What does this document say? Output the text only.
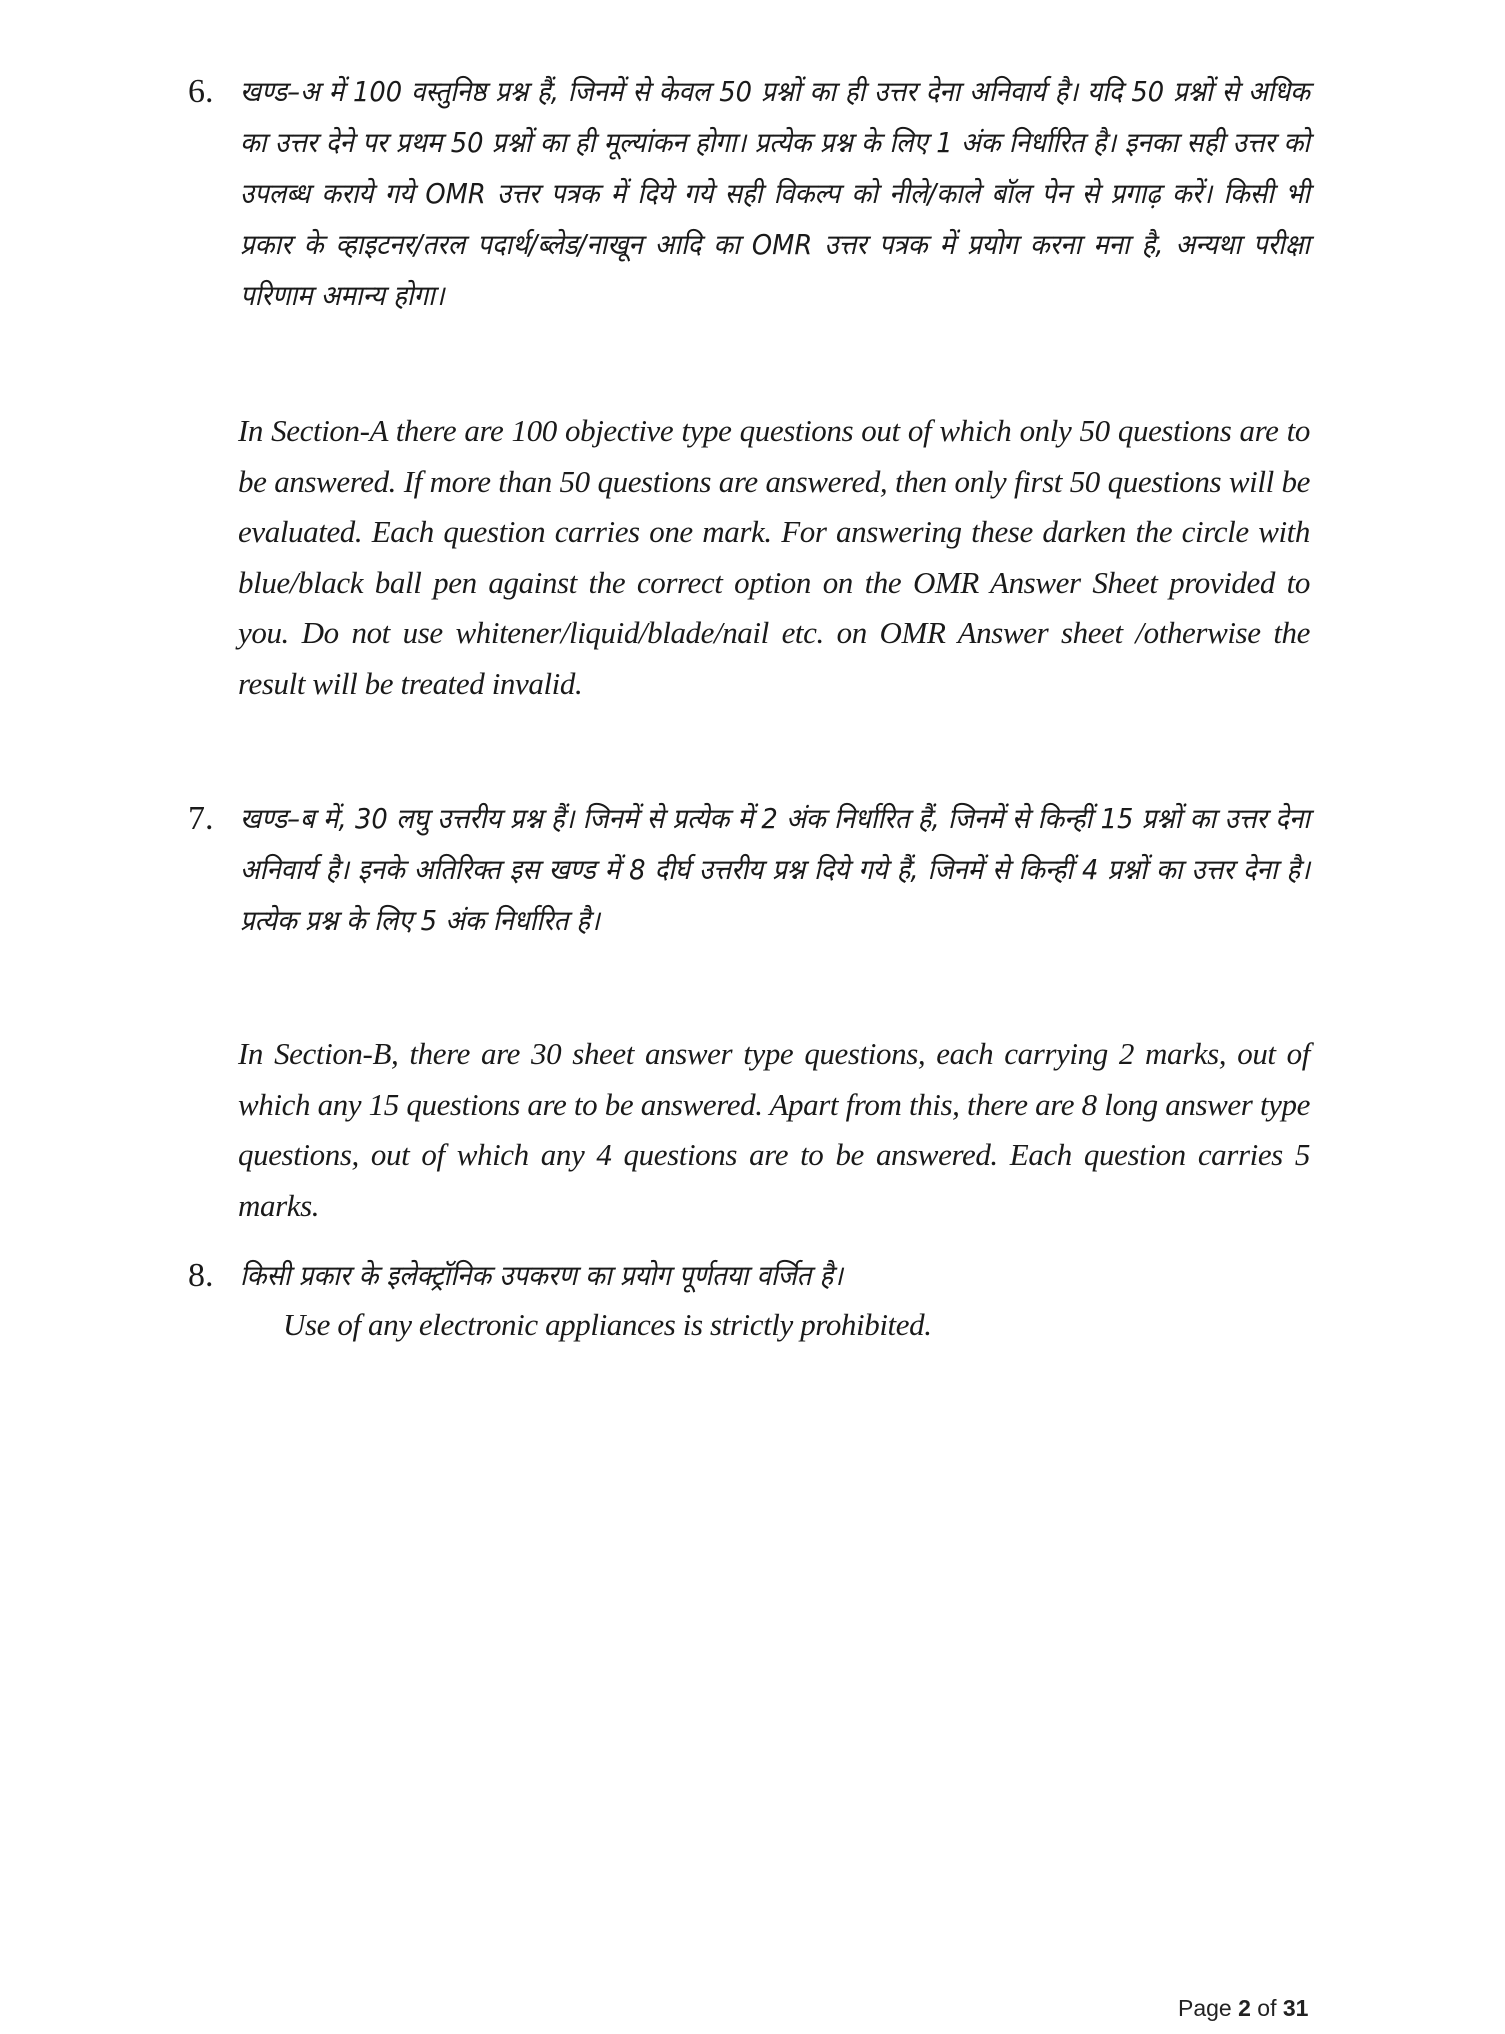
6. खण्ड–अ में 100 वस्तुनिष्ठ प्रश्न हैं, जिनमें से केवल 50 प्रश्नों का ही उत्तर देना अनिवार्य है। यदि 50 प्रश्नों से अधिक का उत्तर देने पर प्रथम 50 प्रश्नों का ही मूल्यांकन होगा। प्रत्येक प्रश्न के लिए 1 अंक निर्धारित है। इनका सही उत्तर को उपलब्ध कराये गये OMR उत्तर पत्रक में दिये गये सही विकल्प को नीले/काले बॉल पेन से प्रगाढ़ करें। किसी भी प्रकार के व्हाइटनर/तरल पदार्थ/ब्लेड/नाखून आदि का OMR उत्तर पत्रक में प्रयोग करना मना है, अन्यथा परीक्षा परिणाम अमान्य होगा।
In Section-A there are 100 objective type questions out of which only 50 questions are to be answered. If more than 50 questions are answered, then only first 50 questions will be evaluated. Each question carries one mark. For answering these darken the circle with blue/black ball pen against the correct option on the OMR Answer Sheet provided to you. Do not use whitener/liquid/blade/nail etc. on OMR Answer sheet /otherwise the result will be treated invalid.
7. खण्ड–ब में, 30 लघु उत्तरीय प्रश्न हैं। जिनमें से प्रत्येक में 2 अंक निर्धारित हैं, जिनमें से किन्हीं 15 प्रश्नों का उत्तर देना अनिवार्य है। इनके अतिरिक्त इस खण्ड में 8 दीर्घ उत्तरीय प्रश्न दिये गये हैं, जिनमें से किन्हीं 4 प्रश्नों का उत्तर देना है। प्रत्येक प्रश्न के लिए 5 अंक निर्धारित है।
In Section-B, there are 30 sheet answer type questions, each carrying 2 marks, out of which any 15 questions are to be answered. Apart from this, there are 8 long answer type questions, out of which any 4 questions are to be answered. Each question carries 5 marks.
8. किसी प्रकार के इलेक्ट्रॉनिक उपकरण का प्रयोग पूर्णतया वर्जित है।
Use of any electronic appliances is strictly prohibited.
Page 2 of 31
